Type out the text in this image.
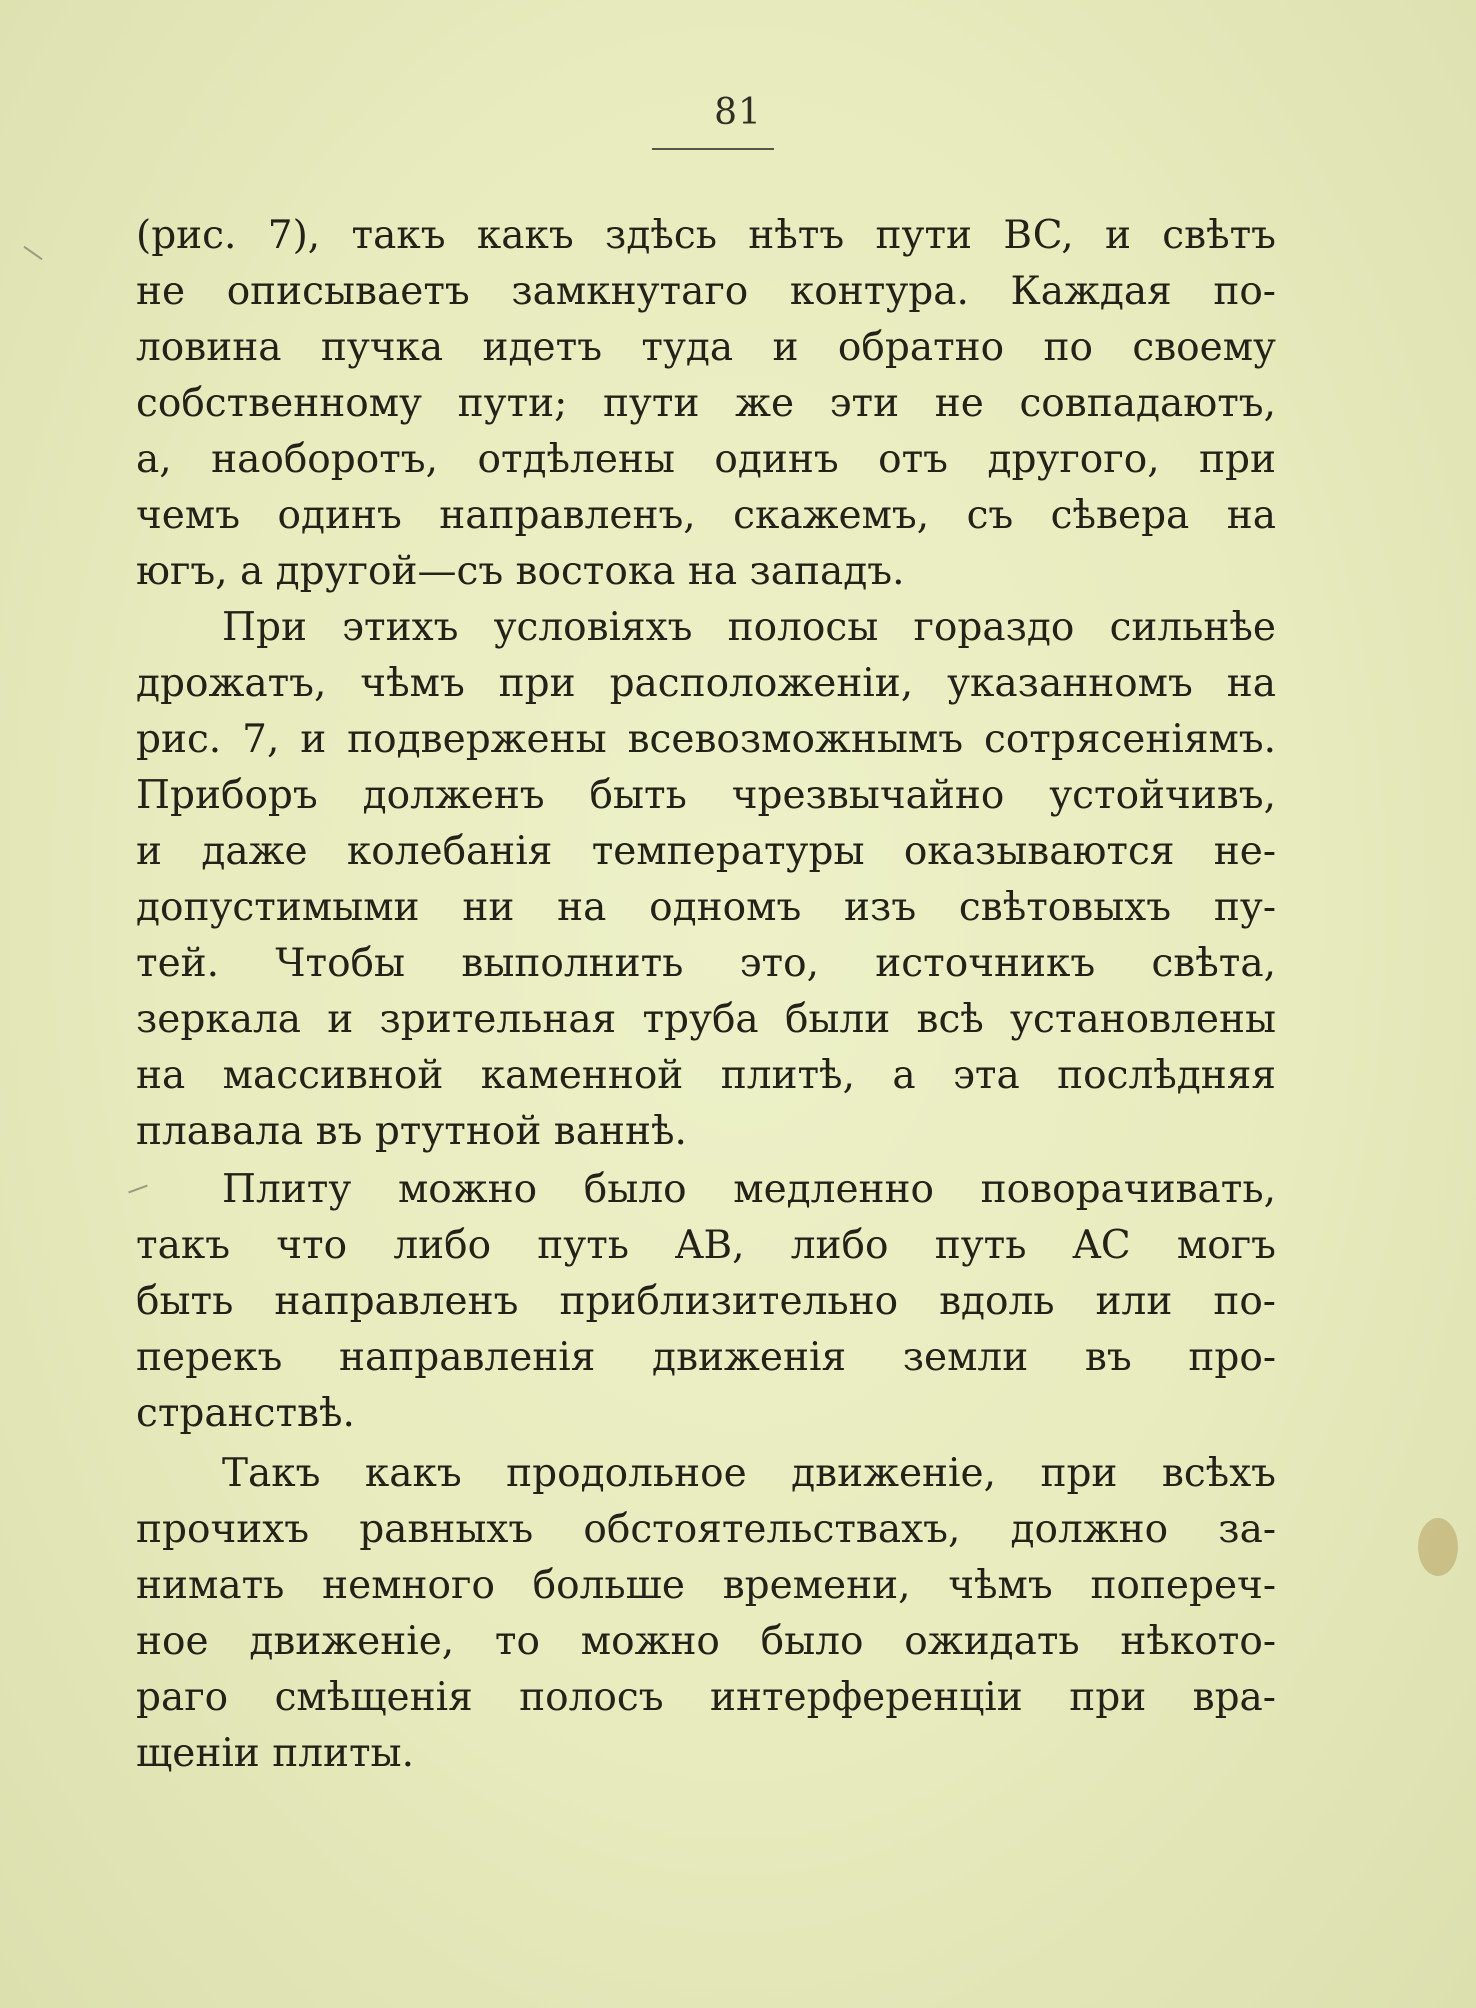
81
(рис. 7), такъ какъ здѣсь нѣтъ пути BC, и свѣтъ
не описываетъ замкнутаго контура. Каждая по-
ловина пучка идетъ туда и обратно по своему
собственному пути; пути же эти не совпадаютъ,
а, наоборотъ, отдѣлены одинъ отъ другого, при
чемъ одинъ направленъ, скажемъ, съ сѣвера на
югъ, а другой—съ востока на западъ.
При этихъ условіяхъ полосы гораздо сильнѣе
дрожатъ, чѣмъ при расположеніи, указанномъ на
рис. 7, и подвержены всевозможнымъ сотрясеніямъ.
Приборъ долженъ быть чрезвычайно устойчивъ,
и даже колебанія температуры оказываются не-
допустимыми ни на одномъ изъ свѣтовыхъ пу-
тей. Чтобы выполнить это, источникъ свѣта,
зеркала и зрительная труба были всѣ установлены
на массивной каменной плитѣ, а эта послѣдняя
плавала въ ртутной ваннѣ.
Плиту можно было медленно поворачивать,
такъ что либо путь AB, либо путь AC могъ
быть направленъ приблизительно вдоль или по-
перекъ направленія движенія земли въ про-
странствѣ.
Такъ какъ продольное движеніе, при всѣхъ
прочихъ равныхъ обстоятельствахъ, должно за-
нимать немного больше времени, чѣмъ попереч-
ное движеніе, то можно было ожидать нѣкото-
раго смѣщенія полосъ интерференціи при вра-
щеніи плиты.
